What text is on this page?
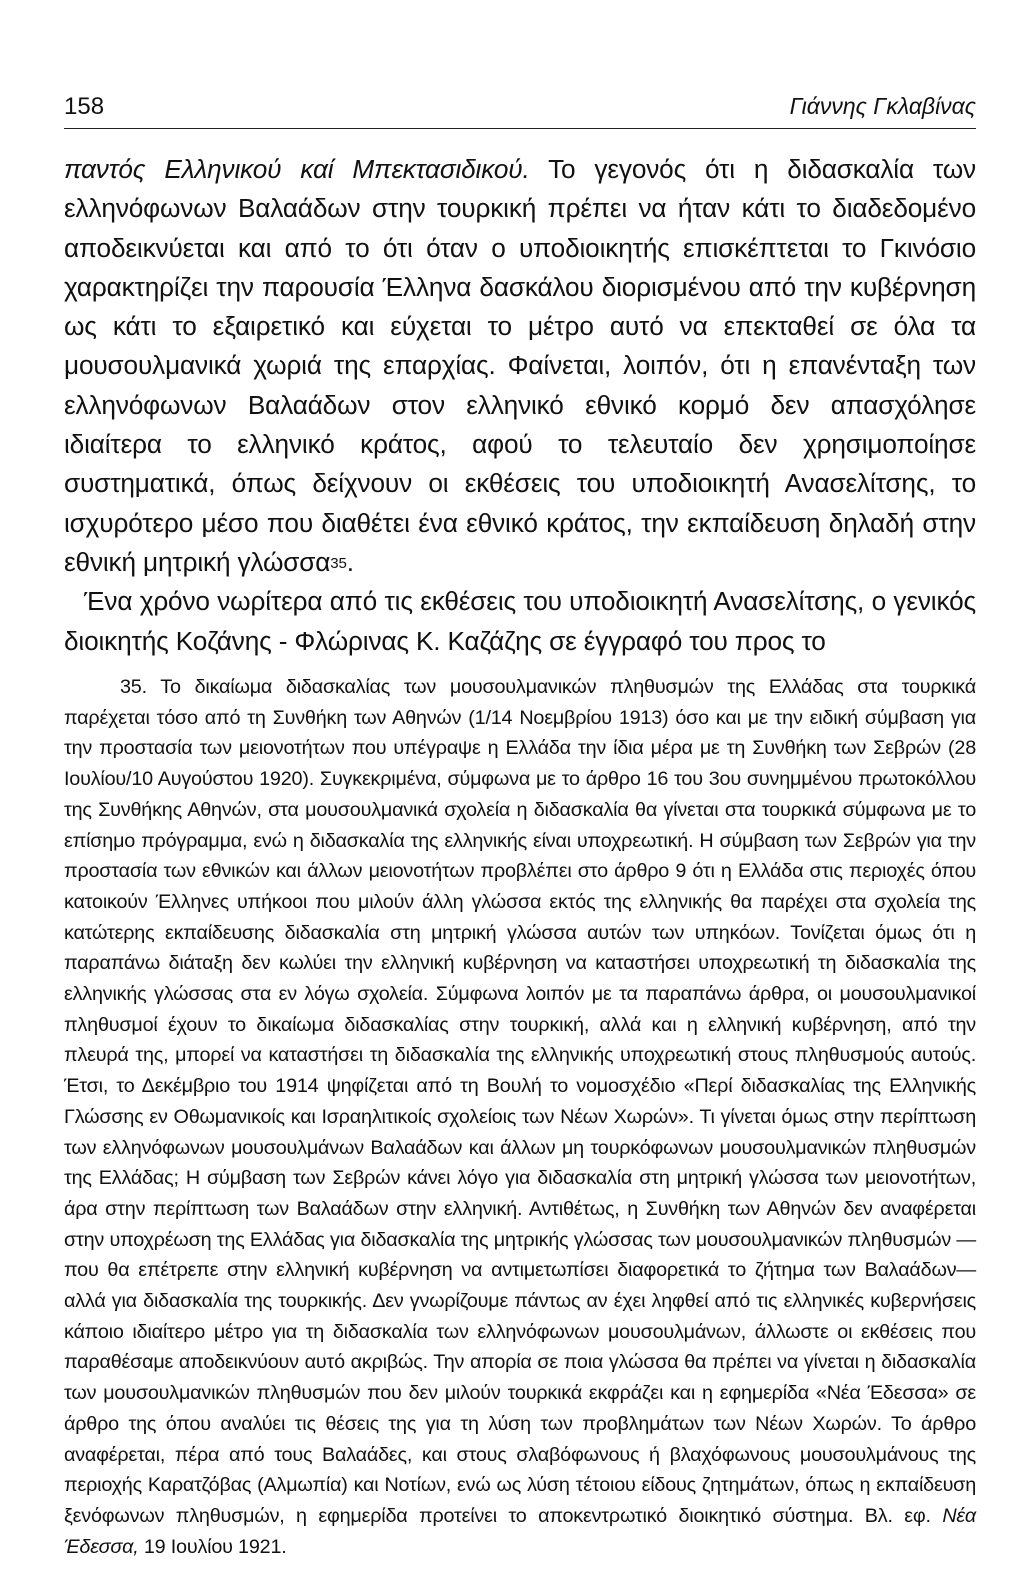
158	Γιάννης Γκλαβίνας

παντός Ελληνικού καί Μπεκτασιδικού. Το γεγονός ότι η διδασκαλία των ελληνόφωνων Βαλαάδων στην τουρκική πρέπει να ήταν κάτι το διαδεδομένο αποδεικνύεται και από το ότι όταν ο υποδιοικητής επισκέπτεται το Γκινόσιο χαρακτηρίζει την παρουσία Έλληνα δασκάλου διορισμένου από την κυβέρνηση ως κάτι το εξαιρετικό και εύχεται το μέτρο αυτό να επεκταθεί σε όλα τα μουσουλμανικά χωριά της επαρχίας. Φαίνεται, λοιπόν, ότι η επανένταξη των ελληνόφωνων Βαλαάδων στον ελληνικό εθνικό κορμό δεν απασχόλησε ιδιαίτερα το ελληνικό κράτος, αφού το τελευταίο δεν χρησιμοποίησε συστηματικά, όπως δείχνουν οι εκθέσεις του υποδιοικητή Ανασελίτσης, το ισχυρότερο μέσο που διαθέτει ένα εθνικό κράτος, την εκπαίδευση δηλαδή στην εθνική μητρική γλώσσα$^{35}$.

Ένα χρόνο νωρίτερα από τις εκθέσεις του υποδιοικητή Ανασελίτσης, ο γενικός διοικητής Κοζάνης - Φλώρινας Κ. Καζάζης σε έγγραφό του προς το

35. Το δικαίωμα διδασκαλίας των μουσουλμανικών πληθυσμών της Ελλάδας στα τουρκικά παρέχεται τόσο από τη Συνθήκη των Αθηνών (1/14 Νοεμβρίου 1913) όσο και με την ειδική σύμβαση για την προστασία των μειονοτήτων που υπέγραψε η Ελλάδα την ίδια μέρα με τη Συνθήκη των Σεβρών (28 Ιουλίου/10 Αυγούστου 1920). Συγκεκριμένα, σύμφωνα με το άρθρο 16 του 3ου συνημμένου πρωτοκόλλου της Συνθήκης Αθηνών, στα μουσουλμανικά σχολεία η διδασκαλία θα γίνεται στα τουρκικά σύμφωνα με το επίσημο πρόγραμμα, ενώ η διδασκαλία της ελληνικής είναι υποχρεωτική. Η σύμβαση των Σεβρών για την προστασία των εθνικών και άλλων μειονοτήτων προβλέπει στο άρθρο 9 ότι η Ελλάδα στις περιοχές όπου κατοικούν Έλληνες υπήκοοι που μιλούν άλλη γλώσσα εκτός της ελληνικής θα παρέχει στα σχολεία της κατώτερης εκπαίδευσης διδασκαλία στη μητρική γλώσσα αυτών των υπηκόων. Τονίζεται όμως ότι η παραπάνω διάταξη δεν κωλύει την ελληνική κυβέρνηση να καταστήσει υποχρεωτική τη διδασκαλία της ελληνικής γλώσσας στα εν λόγω σχολεία. Σύμφωνα λοιπόν με τα παραπάνω άρθρα, οι μουσουλμανικοί πληθυσμοί έχουν το δικαίωμα διδασκαλίας στην τουρκική, αλλά και η ελληνική κυβέρνηση, από την πλευρά της, μπορεί να καταστήσει τη διδασκαλία της ελληνικής υποχρεωτική στους πληθυσμούς αυτούς. Έτσι, το Δεκέμβριο του 1914 ψηφίζεται από τη Βουλή το νομοσχέδιο «Περί διδασκαλίας της Ελληνικής Γλώσσης εν Οθωμανικοίς και Ισραηλιτικοίς σχολείοις των Νέων Χωρών». Τι γίνεται όμως στην περίπτωση των ελληνόφωνων μουσουλμάνων Βαλαάδων και άλλων μη τουρκόφωνων μουσουλμανικών πληθυσμών της Ελλάδας; Η σύμβαση των Σεβρών κάνει λόγο για διδασκαλία στη μητρική γλώσσα των μειονοτήτων, άρα στην περίπτωση των Βαλαάδων στην ελληνική. Αντιθέτως, η Συνθήκη των Αθηνών δεν αναφέρεται στην υποχρέωση της Ελλάδας για διδασκαλία της μητρικής γλώσσας των μουσουλμανικών πληθυσμών —που θα επέτρεπε στην ελληνική κυβέρνηση να αντιμετωπίσει διαφορετικά το ζήτημα των Βαλαάδων— αλλά για διδασκαλία της τουρκικής. Δεν γνωρίζουμε πάντως αν έχει ληφθεί από τις ελληνικές κυβερνήσεις κάποιο ιδιαίτερο μέτρο για τη διδασκαλία των ελληνόφωνων μουσουλμάνων, άλλωστε οι εκθέσεις που παραθέσαμε αποδεικνύουν αυτό ακριβώς. Την απορία σε ποια γλώσσα θα πρέπει να γίνεται η διδασκαλία των μουσουλμανικών πληθυσμών που δεν μιλούν τουρκικά εκφράζει και η εφημερίδα «Νέα Έδεσσα» σε άρθρο της όπου αναλύει τις θέσεις της για τη λύση των προβλημάτων των Νέων Χωρών. Το άρθρο αναφέρεται, πέρα από τους Βαλαάδες, και στους σλαβόφωνους ή βλαχόφωνους μουσουλμάνους της περιοχής Καρατζόβας (Αλμωπία) και Νοτίων, ενώ ως λύση τέτοιου είδους ζητημάτων, όπως η εκπαίδευση ξενόφωνων πληθυσμών, η εφημερίδα προτείνει το αποκεντρωτικό διοικητικό σύστημα. Βλ. εφ. Νέα Έδεσσα, 19 Ιουλίου 1921.
